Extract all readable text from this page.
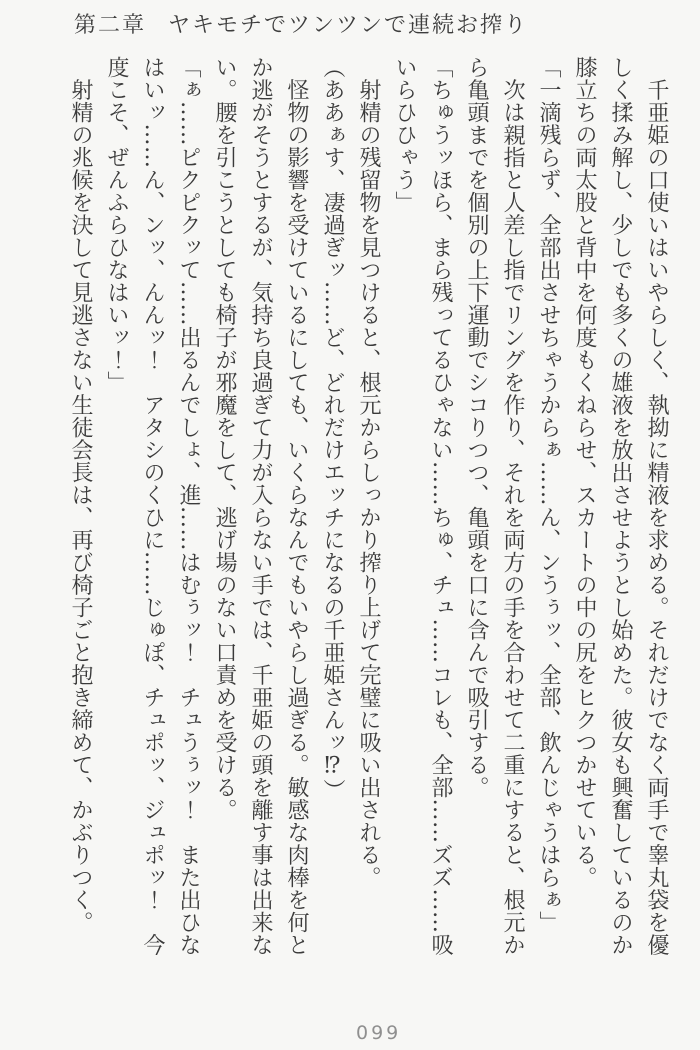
第二章 ヤキモチでツンツンで連続お搾り
　千亜姫の口使いはいやらしく、執拗に精液を求める。それだけでなく両手で睾丸袋を優
しく揉み解し、少しでも多くの雄液を放出させようとし始めた。彼女も興奮しているのか
膝立ちの両太股と背中を何度もくねらせ、スカートの中の尻をヒクつかせている。
「一滴残らず、全部出させちゃうからぁ……ん、ンうぅッ、全部、飲んじゃうはらぁ」
　次は親指と人差し指でリングを作り、それを両方の手を合わせて二重にすると、根元か
ら亀頭までを個別の上下運動でシコりつつ、亀頭を口に含んで吸引する。
「ちゅうッほら、まら残ってるひゃない……ちゅ、チュ……コレも、全部……ズズ……吸
いらひひゃう」
　射精の残留物を見つけると、根元からしっかり搾り上げて完璧に吸い出される。
（ああぁす、凄過ぎッ……ど、どれだけエッチになるの千亜姫さんッ⁉）
　怪物の影響を受けているにしても、いくらなんでもいやらし過ぎる。敏感な肉棒を何と
か逃がそうとするが、気持ち良過ぎて力が入らない手では、千亜姫の頭を離す事は出来な
い。腰を引こうとしても椅子が邪魔をして、逃げ場のない口責めを受ける。
「ぁ……ピクピクッて……出るんでしょ、進……はむぅッ！　チュうぅッ！　また出ひな
はいッ……ん、ンッ、んんッ！　アタシのくひに……じゅぽ、チュポッ、ジュポッ！　今
度こそ、ぜんふらひなはいッ！」
　射精の兆候を決して見逃さない生徒会長は、再び椅子ごと抱き締めて、かぶりつく。
099
